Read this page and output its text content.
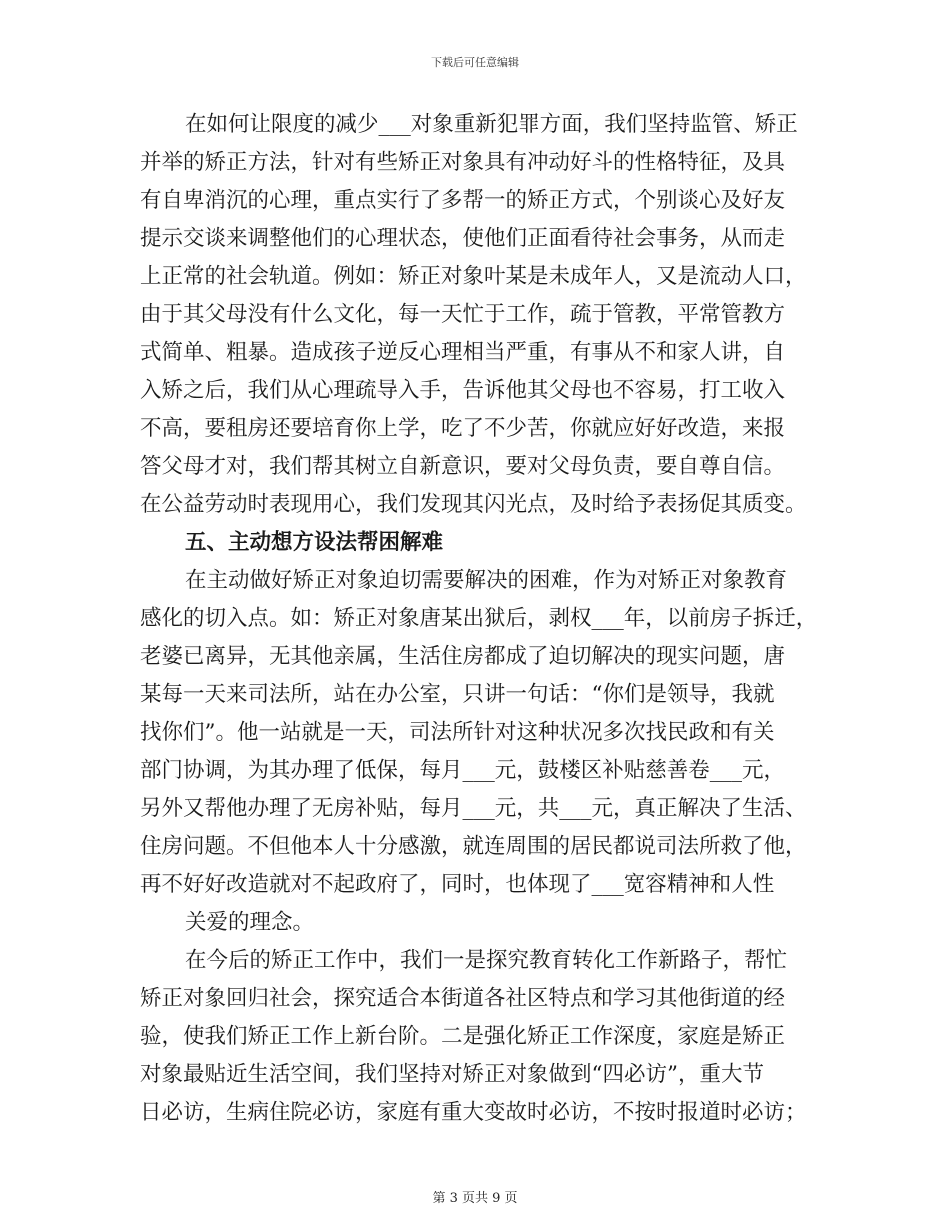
下载后可任意编辑
在如何让限度的减少___对象重新犯罪方面，我们坚持监管、矫正
并举的矫正方法，针对有些矫正对象具有冲动好斗的性格特征，及具
有自卑消沉的心理，重点实行了多帮一的矫正方式，个别谈心及好友
提示交谈来调整他们的心理状态，使他们正面看待社会事务，从而走
上正常的社会轨道。例如：矫正对象叶某是未成年人，又是流动人口，
由于其父母没有什么文化，每一天忙于工作，疏于管教，平常管教方
式简单、粗暴。造成孩子逆反心理相当严重，有事从不和家人讲，自
入矫之后，我们从心理疏导入手，告诉他其父母也不容易，打工收入
不高，要租房还要培育你上学，吃了不少苦，你就应好好改造，来报
答父母才对，我们帮其树立自新意识，要对父母负责，要自尊自信。
在公益劳动时表现用心，我们发现其闪光点，及时给予表扬促其质变。
五、主动想方设法帮困解难
在主动做好矫正对象迫切需要解决的困难，作为对矫正对象教育
感化的切入点。如：矫正对象唐某出狱后，剥权___年，以前房子拆迁，
老婆已离异，无其他亲属，生活住房都成了迫切解决的现实问题，唐
某每一天来司法所，站在办公室，只讲一句话：“你们是领导，我就
找你们”。他一站就是一天，司法所针对这种状况多次找民政和有关
部门协调，为其办理了低保，每月___元，鼓楼区补贴慈善卷___元，
另外又帮他办理了无房补贴，每月___元，共___元，真正解决了生活、
住房问题。不但他本人十分感激，就连周围的居民都说司法所救了他，
再不好好改造就对不起政府了，同时，也体现了___宽容精神和人性
关爱的理念。
在今后的矫正工作中，我们一是探究教育转化工作新路子，帮忙
矫正对象回归社会，探究适合本街道各社区特点和学习其他街道的经
验，使我们矫正工作上新台阶。二是强化矫正工作深度，家庭是矫正
对象最贴近生活空间，我们坚持对矫正对象做到“四必访”，重大节
日必访，生病住院必访，家庭有重大变故时必访，不按时报道时必访；
第 3 页共 9 页
